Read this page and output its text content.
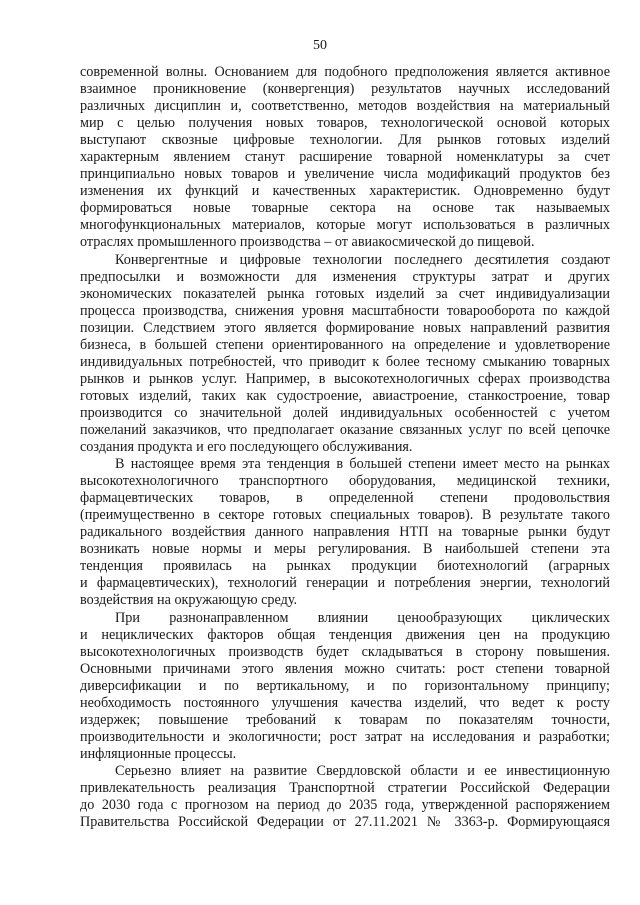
50
современной волны. Основанием для подобного предположения является активное
взаимное проникновение (конвергенция) результатов научных исследований
различных дисциплин и, соответственно, методов воздействия на материальный
мир с целью получения новых товаров, технологической основой которых
выступают сквозные цифровые технологии. Для рынков готовых изделий
характерным явлением станут расширение товарной номенклатуры за счет
принципиально новых товаров и увеличение числа модификаций продуктов без
изменения их функций и качественных характеристик. Одновременно будут
формироваться новые товарные сектора на основе так называемых
многофункциональных материалов, которые могут использоваться в различных
отраслях промышленного производства – от авиакосмической до пищевой.
Конвергентные и цифровые технологии последнего десятилетия создают
предпосылки и возможности для изменения структуры затрат и других
экономических показателей рынка готовых изделий за счет индивидуализации
процесса производства, снижения уровня масштабности товарооборота по каждой
позиции. Следствием этого является формирование новых направлений развития
бизнеса, в большей степени ориентированного на определение и удовлетворение
индивидуальных потребностей, что приводит к более тесному смыканию товарных
рынков и рынков услуг. Например, в высокотехнологичных сферах производства
готовых изделий, таких как судостроение, авиастроение, станкостроение, товар
производится со значительной долей индивидуальных особенностей с учетом
пожеланий заказчиков, что предполагает оказание связанных услуг по всей цепочке
создания продукта и его последующего обслуживания.
В настоящее время эта тенденция в большей степени имеет место на рынках
высокотехнологичного транспортного оборудования, медицинской техники,
фармацевтических товаров, в определенной степени продовольствия
(преимущественно в секторе готовых специальных товаров). В результате такого
радикального воздействия данного направления НТП на товарные рынки будут
возникать новые нормы и меры регулирования. В наибольшей степени эта
тенденция проявилась на рынках продукции биотехнологий (аграрных
и фармацевтических), технологий генерации и потребления энергии, технологий
воздействия на окружающую среду.
При разнонаправленном влиянии ценообразующих циклических
и нециклических факторов общая тенденция движения цен на продукцию
высокотехнологичных производств будет складываться в сторону повышения.
Основными причинами этого явления можно считать: рост степени товарной
диверсификации и по вертикальному, и по горизонтальному принципу;
необходимость постоянного улучшения качества изделий, что ведет к росту
издержек; повышение требований к товарам по показателям точности,
производительности и экологичности; рост затрат на исследования и разработки;
инфляционные процессы.
Серьезно влияет на развитие Свердловской области и ее инвестиционную
привлекательность реализация Транспортной стратегии Российской Федерации
до 2030 года с прогнозом на период до 2035 года, утвержденной распоряжением
Правительства Российской Федерации от 27.11.2021 № 3363-р. Формирующаяся
